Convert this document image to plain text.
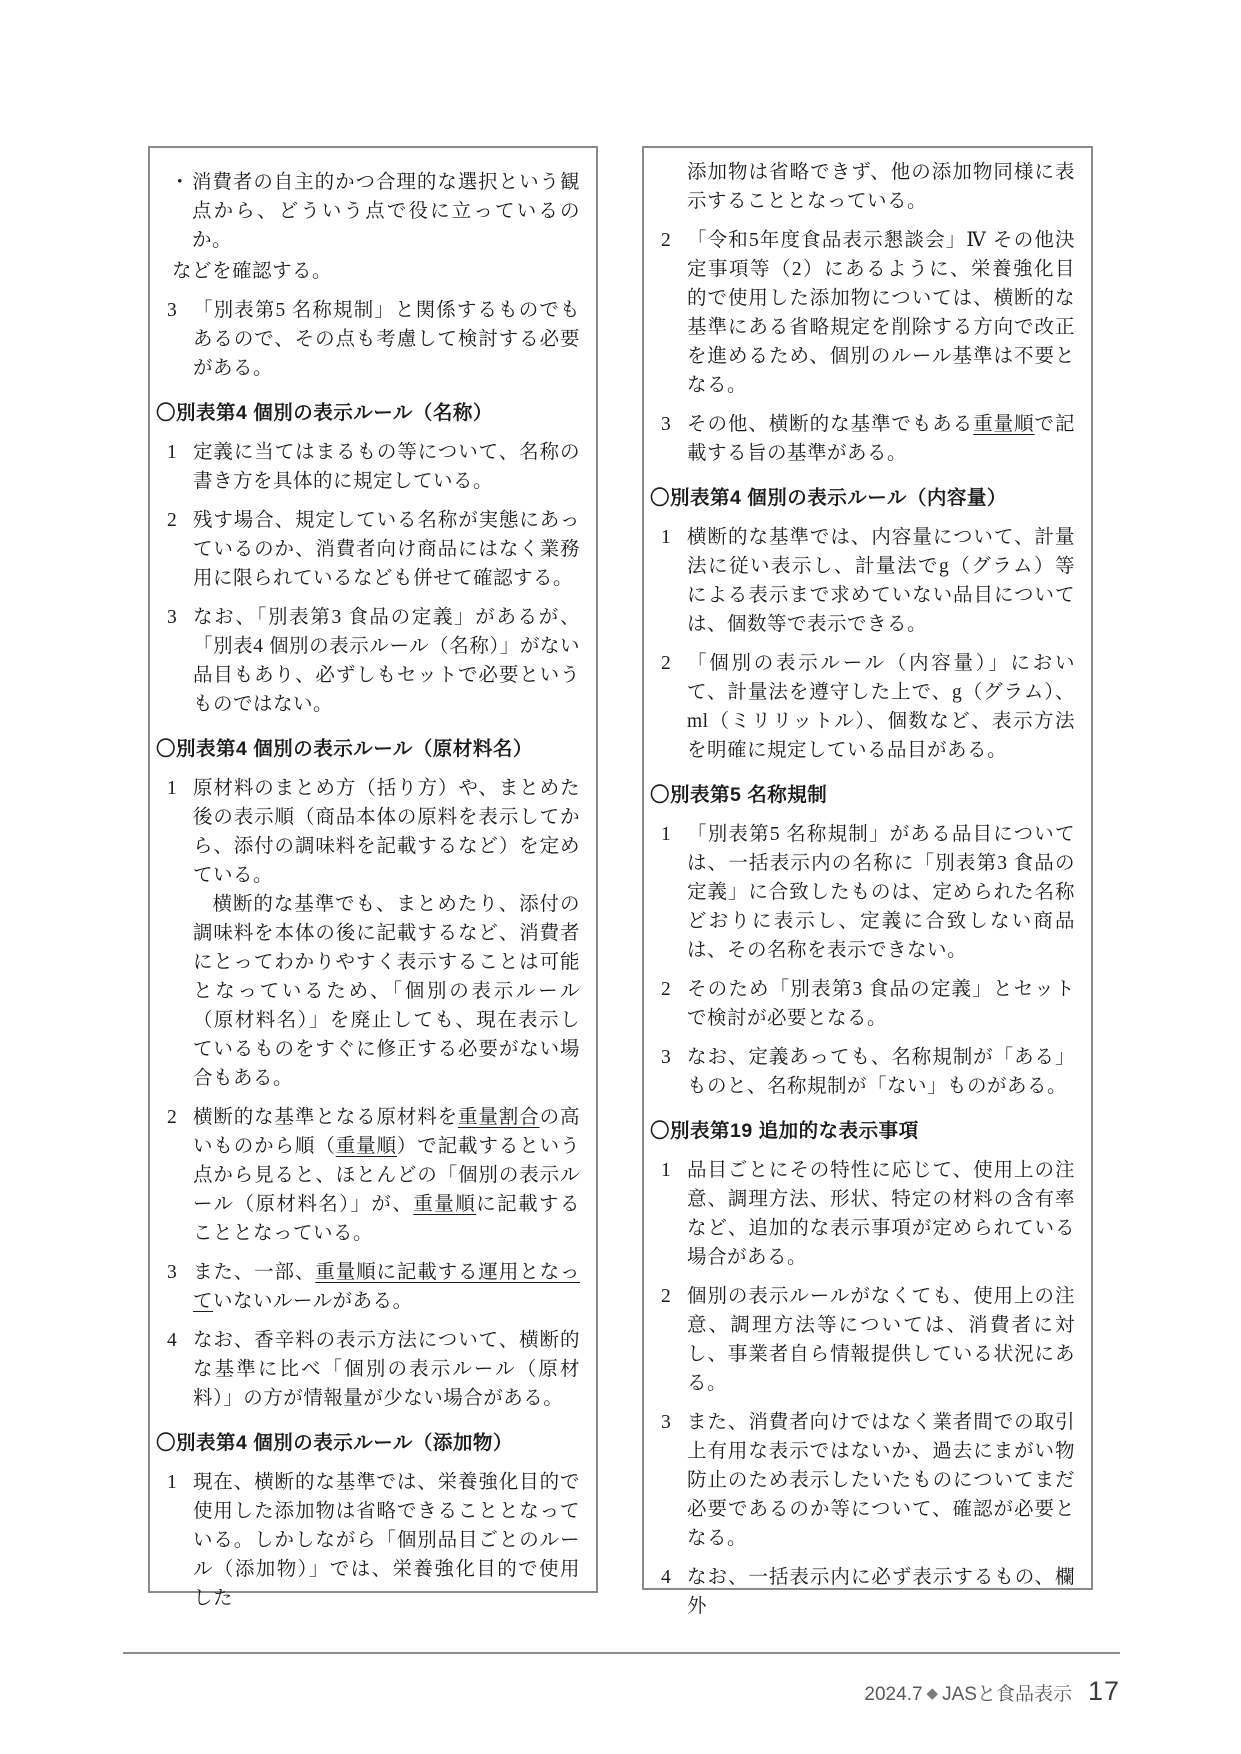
・ 消費者の自主的かつ合理的な選択という観点から、どういう点で役に立っているのか。
などを確認する。
3 「別表第5 名称規制」と関係するものでもあるので、その点も考慮して検討する必要がある。
〇別表第4 個別の表示ルール（名称）
1 定義に当てはまるもの等について、名称の書き方を具体的に規定している。
2 残す場合、規定している名称が実態にあっているのか、消費者向け商品にはなく業務用に限られているなども併せて確認する。
3 なお、「別表第3 食品の定義」があるが、「別表4 個別の表示ルール（名称）」がない品目もあり、必ずしもセットで必要というものではない。
〇別表第4 個別の表示ルール（原材料名）
1 原材料のまとめ方（括り方）や、まとめた後の表示順（商品本体の原料を表示してから、添付の調味料を記載するなど）を定めている。
横断的な基準でも、まとめたり、添付の調味料を本体の後に記載するなど、消費者にとってわかりやすく表示することは可能となっているため、「個別の表示ルール（原材料名）」を廃止しても、現在表示しているものをすぐに修正する必要がない場合もある。
2 横断的な基準となる原材料を重量割合の高いものから順（重量順）で記載するという点から見ると、ほとんどの「個別の表示ルール（原材料名）」が、重量順に記載することとなっている。
3 また、一部、重量順に記載する運用となっていないルールがある。
4 なお、香辛料の表示方法について、横断的な基準に比べ「個別の表示ルール（原材料）」の方が情報量が少ない場合がある。
〇別表第4 個別の表示ルール（添加物）
1 現在、横断的な基準では、栄養強化目的で使用した添加物は省略できることとなっている。しかしながら「個別品目ごとのルール（添加物）」では、栄養強化目的で使用した
添加物は省略できず、他の添加物同様に表示することとなっている。
2 「令和5年度食品表示懇談会」Ⅳ その他決定事項等（2）にあるように、栄養強化目的で使用した添加物については、横断的な基準にある省略規定を削除する方向で改正を進めるため、個別のルール基準は不要となる。
3 その他、横断的な基準でもある重量順で記載する旨の基準がある。
〇別表第4 個別の表示ルール（内容量）
1 横断的な基準では、内容量について、計量法に従い表示し、計量法でg（グラム）等による表示まで求めていない品目については、個数等で表示できる。
2 「個別の表示ルール（内容量）」において、計量法を遵守した上で、g（グラム）、ml（ミリリットル）、個数など、表示方法を明確に規定している品目がある。
〇別表第5 名称規制
1 「別表第5 名称規制」がある品目については、一括表示内の名称に「別表第3 食品の定義」に合致したものは、定められた名称どおりに表示し、定義に合致しない商品は、その名称を表示できない。
2 そのため「別表第3 食品の定義」とセットで検討が必要となる。
3 なお、定義あっても、名称規制が「ある」ものと、名称規制が「ない」ものがある。
〇別表第19 追加的な表示事項
1 品目ごとにその特性に応じて、使用上の注意、調理方法、形状、特定の材料の含有率など、追加的な表示事項が定められている場合がある。
2 個別の表示ルールがなくても、使用上の注意、調理方法等については、消費者に対し、事業者自ら情報提供している状況にある。
3 また、消費者向けではなく業者間での取引上有用な表示ではないか、過去にまがい物防止のため表示したいたものについてまだ必要であるのか等について、確認が必要となる。
4 なお、一括表示内に必ず表示するもの、欄外
2024.7 ◆ JASと食品表示 17
